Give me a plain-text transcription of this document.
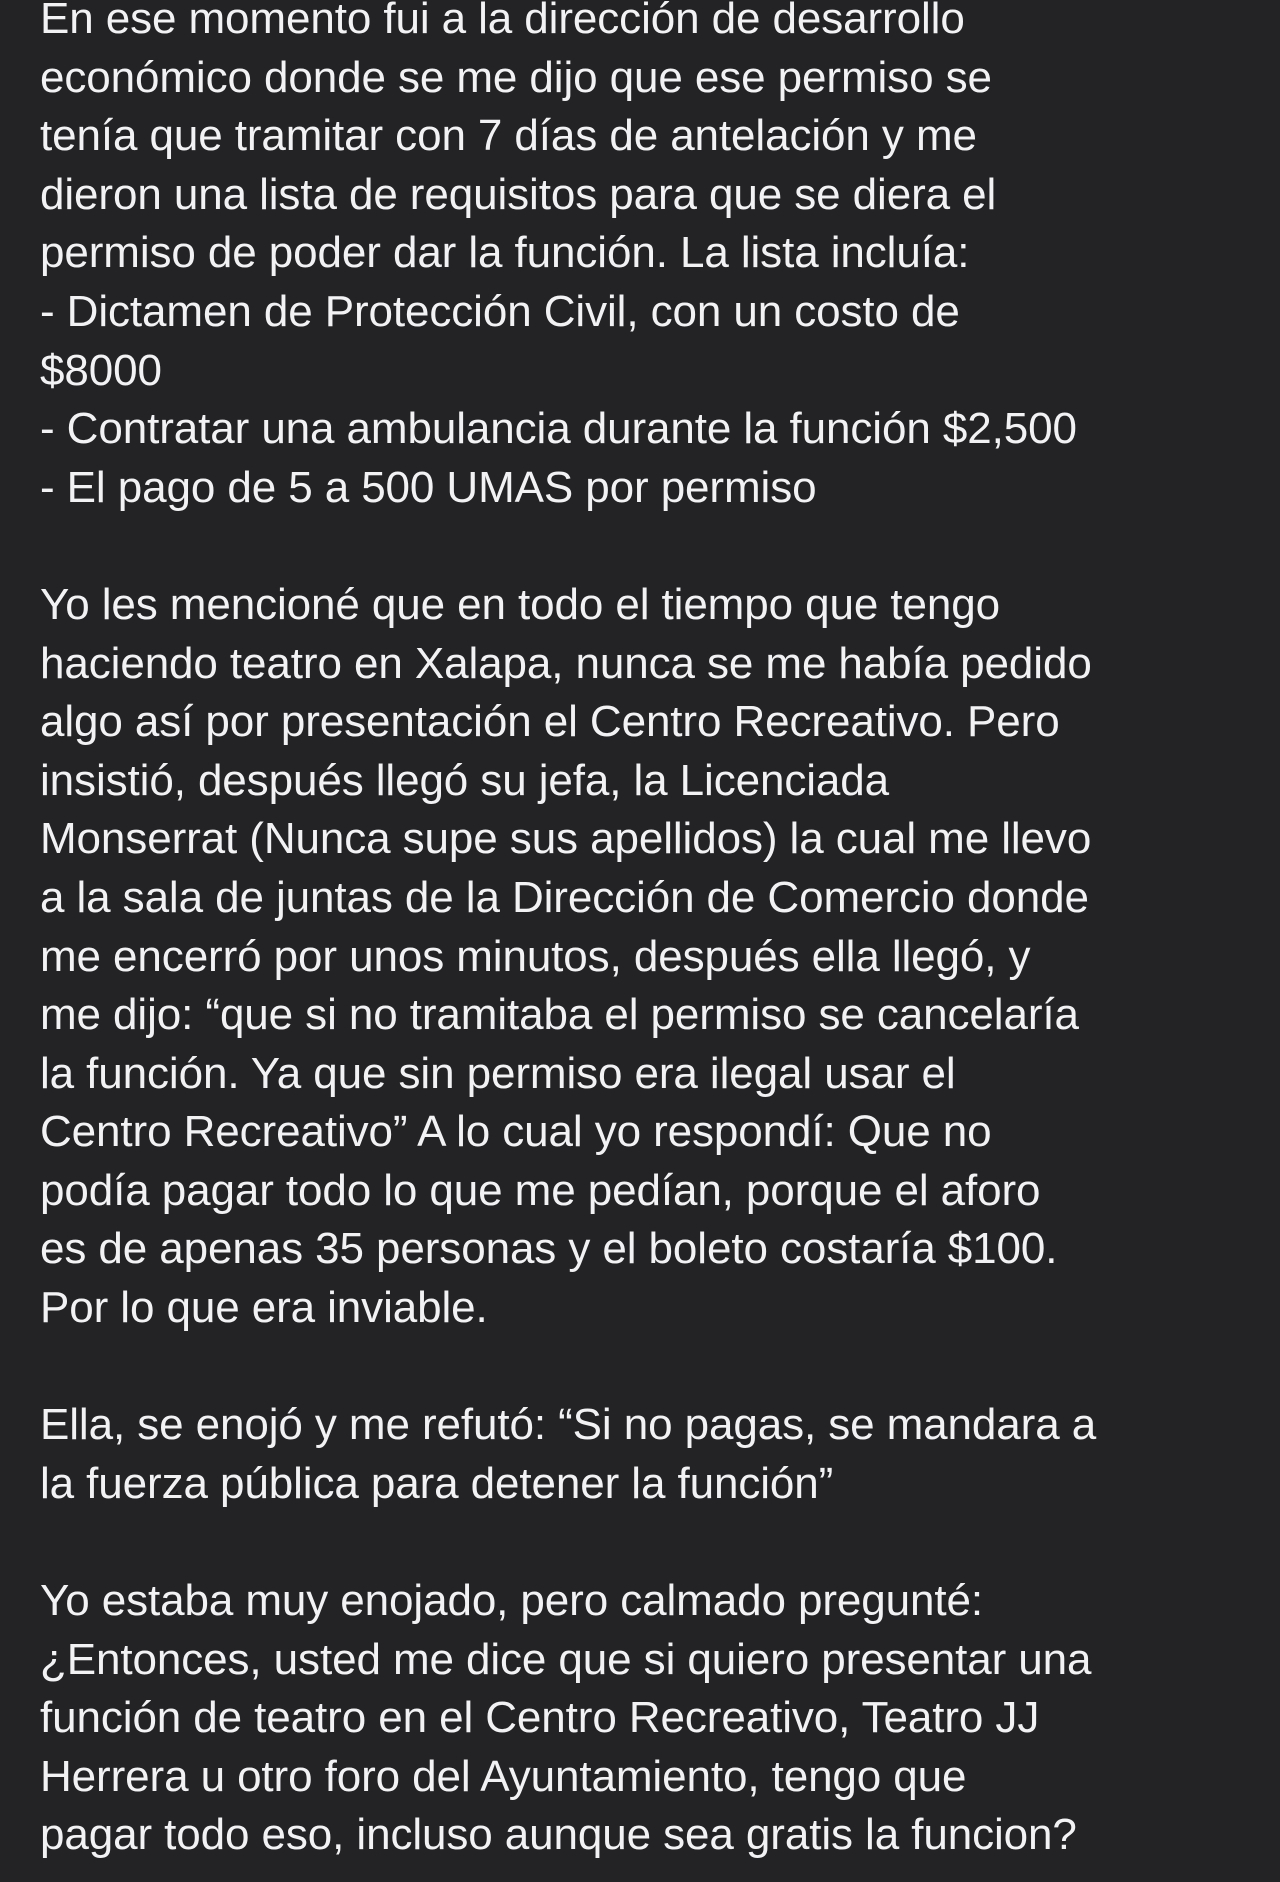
En ese momento fui a la dirección de desarrollo
económico donde se me dijo que ese permiso se
tenía que tramitar con 7 días de antelación y me
dieron una lista de requisitos para que se diera el
permiso de poder dar la función. La lista incluía:
- Dictamen de Protección Civil, con un costo de
$8000
- Contratar una ambulancia durante la función $2,500
- El pago de 5 a 500 UMAS por permiso
Yo les mencioné que en todo el tiempo que tengo
haciendo teatro en Xalapa, nunca se me había pedido
algo así por presentación el Centro Recreativo. Pero
insistió, después llegó su jefa, la Licenciada
Monserrat (Nunca supe sus apellidos) la cual me llevo
a la sala de juntas de la Dirección de Comercio donde
me encerró por unos minutos, después ella llegó, y
me dijo: “que si no tramitaba el permiso se cancelaría
la función. Ya que sin permiso era ilegal usar el
Centro Recreativo” A lo cual yo respondí: Que no
podía pagar todo lo que me pedían, porque el aforo
es de apenas 35 personas y el boleto costaría $100.
Por lo que era inviable.
Ella, se enojó y me refutó: “Si no pagas, se mandara a
la fuerza pública para detener la función”
Yo estaba muy enojado, pero calmado pregunté:
¿Entonces, usted me dice que si quiero presentar una
función de teatro en el Centro Recreativo, Teatro JJ
Herrera u otro foro del Ayuntamiento, tengo que
pagar todo eso, incluso aunque sea gratis la funcion?
